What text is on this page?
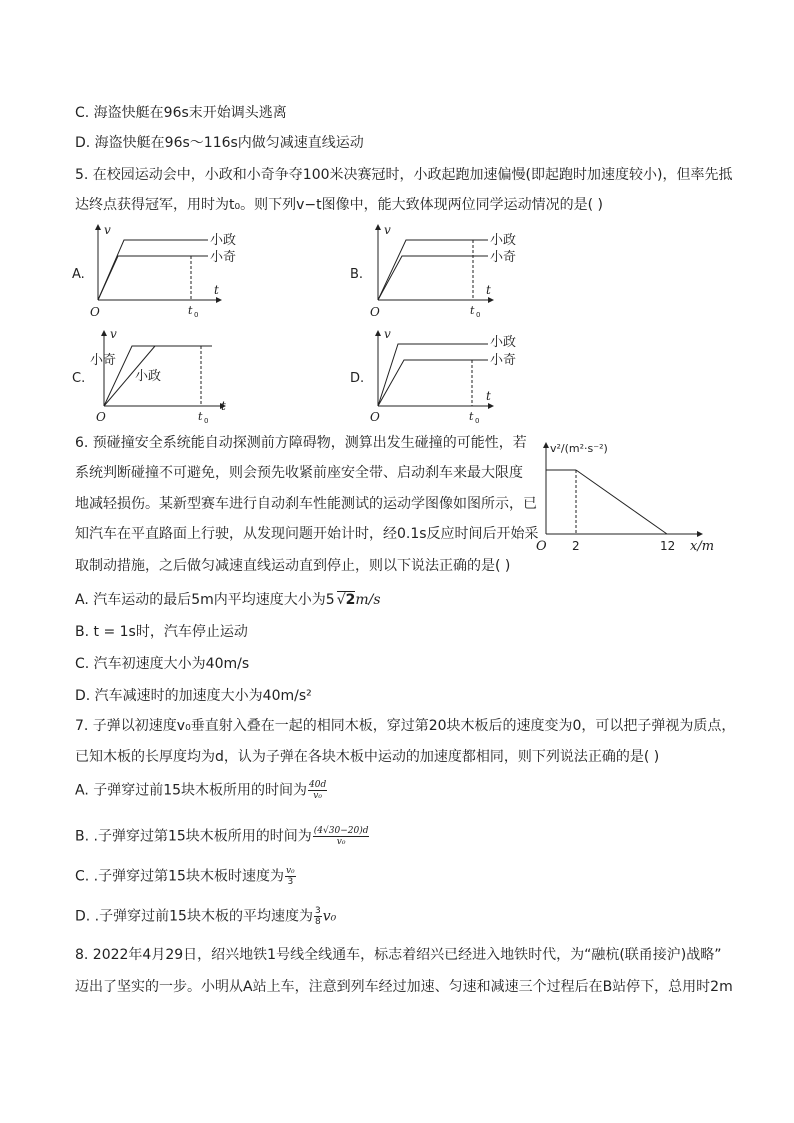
C. 海盗快艇在96s末开始调头逃离
D. 海盗快艇在96s～116s内做匀减速直线运动
5. 在校园运动会中，小政和小奇争夺100米决赛冠时，小政起跑加速偏慢(即起跑时加速度较小)，但率先抵
达终点获得冠军，用时为t₀。则下列v−t图像中，能大致体现两位同学运动情况的是( )
A.
v
t
O	t 0
小政
小奇
B.
v
t
O	t 0
小政
小奇
C.
v
t
O	t 0
小奇
小政	D.
v
t
O	t 0
小政
小奇
6. 预碰撞安全系统能自动探测前方障碍物，测算出发生碰撞的可能性，若
系统判断碰撞不可避免，则会预先收紧前座安全带、启动刹车来最大限度
地减轻损伤。某新型赛车进行自动刹车性能测试的运动学图像如图所示，已
知汽车在平直路面上行驶，从发现问题开始计时，经0.1s反应时间后开始采
取制动措施，之后做匀减速直线运动直到停止，则以下说法正确的是( )
v²/(m²·s⁻²)
x/m
O 2	12
A. 汽车运动的最后5m内平均速度大小为5 √2m/s
B. t = 1s时，汽车停止运动
C. 汽车初速度大小为40m/s
D. 汽车减速时的加速度大小为40m/s²
7. 子弹以初速度v₀垂直射入叠在一起的相同木板，穿过第20块木板后的速度变为0，可以把子弹视为质点，
已知木板的长厚度均为d，认为子弹在各块木板中运动的加速度都相同，则下列说法正确的是( )
A. 子弹穿过前15块木板所用的时间为 $\frac{40d}{\text{v₀}}$
B. .子弹穿过第15块木板所用的时间为 $\frac{(4√30-20)d}{\text{v₀}}$
C. .子弹穿过第15块木板时速度为 $\frac{\text{v₀}}{3}$
D. .子弹穿过前15块木板的平均速度为 $\frac{3}{8} v_0$
8. 2022年4月29日，绍兴地铁1号线全线通车，标志着绍兴已经进入地铁时代，为“融杭(联甬接沪)战略”
迈出了坚实的一步。小明从A站上车，注意到列车经过加速、匀速和减速三个过程后在B站停下，总用时2m
